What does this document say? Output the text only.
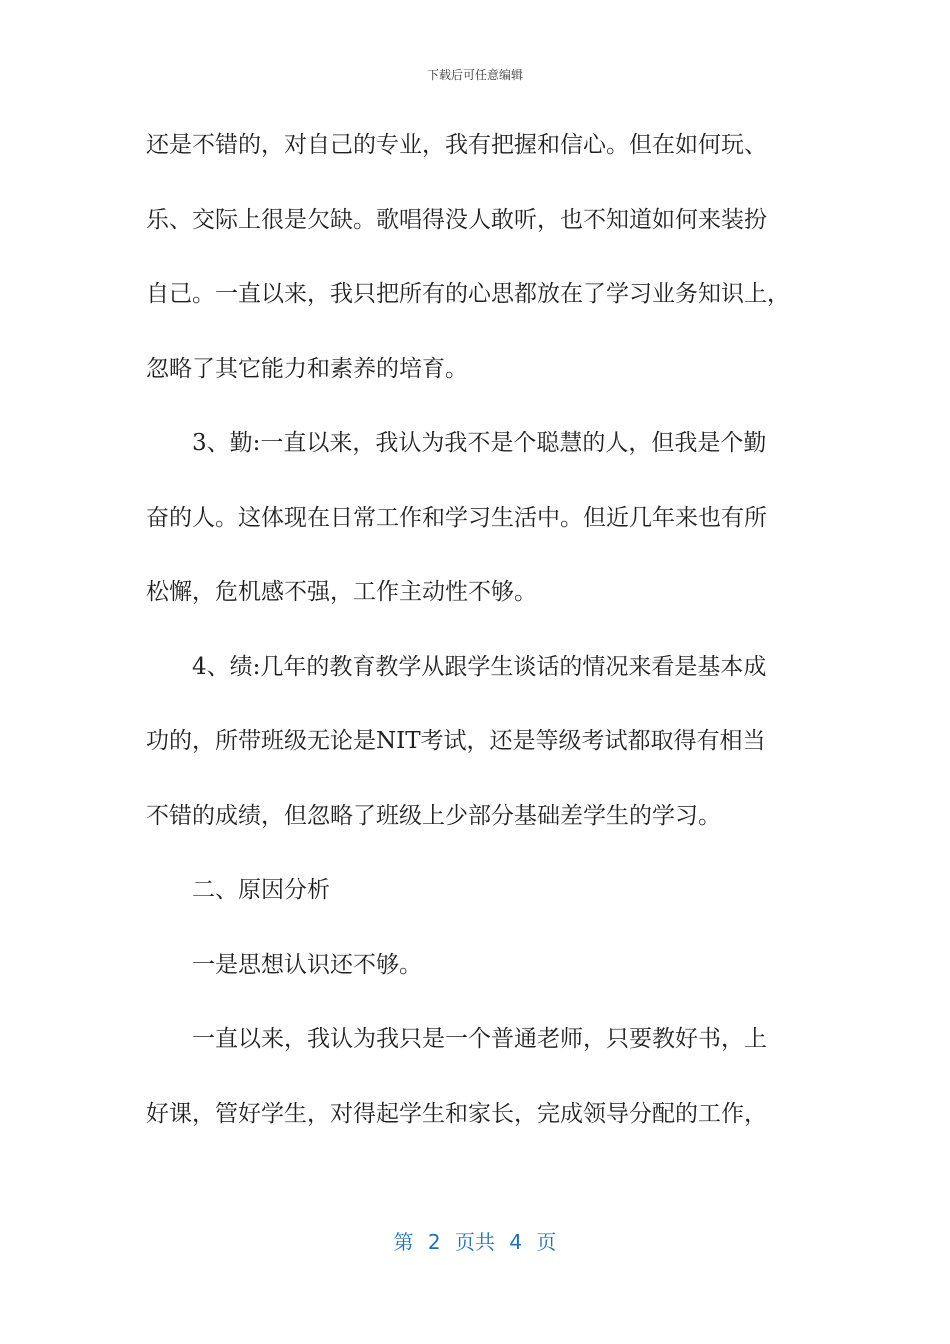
下载后可任意编辑
还是不错的，对自己的专业，我有把握和信心。但在如何玩、
乐、交际上很是欠缺。歌唱得没人敢听，也不知道如何来装扮
自己。一直以来，我只把所有的心思都放在了学习业务知识上，
忽略了其它能力和素养的培育。
　　3、勤:一直以来，我认为我不是个聪慧的人，但我是个勤
奋的人。这体现在日常工作和学习生活中。但近几年来也有所
松懈，危机感不强，工作主动性不够。
　　4、绩:几年的教育教学从跟学生谈话的情况来看是基本成
功的，所带班级无论是NIT考试，还是等级考试都取得有相当
不错的成绩，但忽略了班级上少部分基础差学生的学习。
　　二、原因分析
　　一是思想认识还不够。
　　一直以来，我认为我只是一个普通老师，只要教好书，上
好课，管好学生，对得起学生和家长，完成领导分配的工作，
第 2 页共 4 页
